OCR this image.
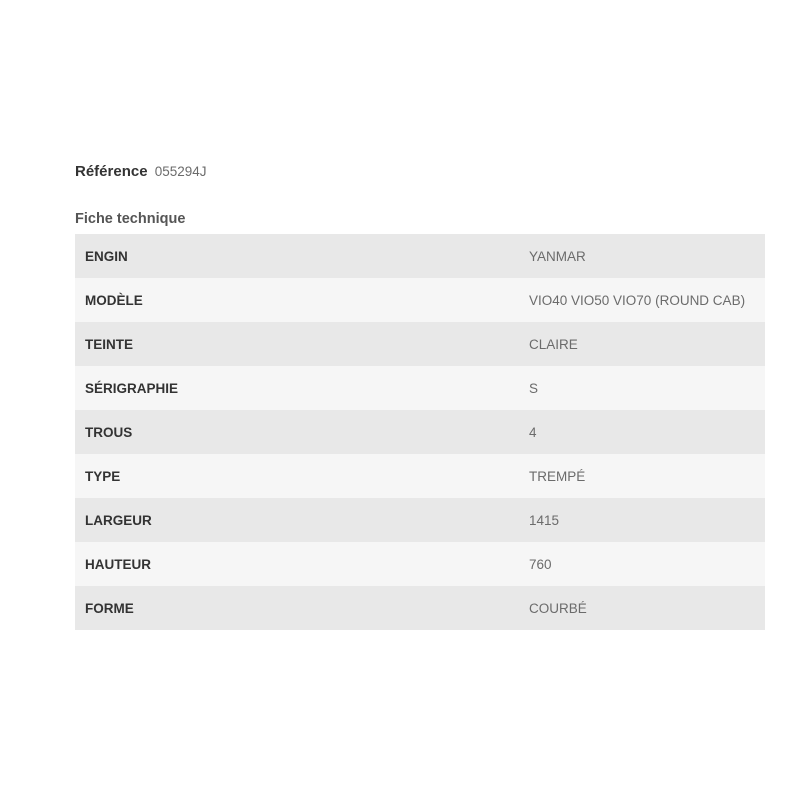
Référence 055294J
Fiche technique
ENGIN	YANMAR
MODÈLE	VIO40 VIO50 VIO70 (ROUND CAB)
TEINTE	CLAIRE
SÉRIGRAPHIE	S
TROUS	4
TYPE	TREMPÉ
LARGEUR	1415
HAUTEUR	760
FORME	COURBÉ
